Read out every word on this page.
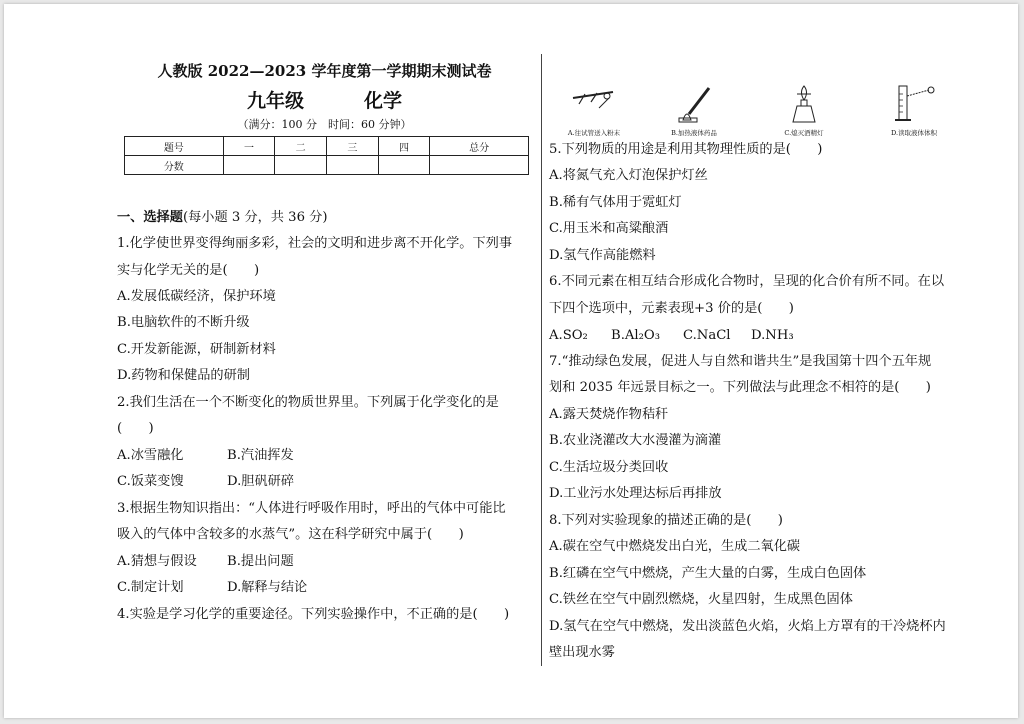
人教版 2022—2023 学年度第一学期期末测试卷
九年级	化学
（满分：100 分　时间：60 分钟）
题号	一	二	三	四	总分
分数					
一、选择题(每小题 3 分，共 36 分)
1.化学使世界变得绚丽多彩，社会的文明和进步离不开化学。下列事
实与化学无关的是(　　)
A.发展低碳经济，保护环境
B.电脑软件的不断升级
C.开发新能源，研制新材料
D.药物和保健品的研制
2.我们生活在一个不断变化的物质世界里。下列属于化学变化的是
(　　)
A.冰雪融化	B.汽油挥发
C.饭菜变馊	D.胆矾研碎
3.根据生物知识指出：“人体进行呼吸作用时，呼出的气体中可能比
吸入的气体中含较多的水蒸气”。这在科学研究中属于(　　)
A.猜想与假设 B.提出问题
C.制定计划	D.解释与结论
4.实验是学习化学的重要途径。下列实验操作中，不正确的是(　　)
A.往试管送入粉末	B.加热液体药品	C.熄灭酒精灯	D.读取液体体积
5.下列物质的用途是利用其物理性质的是(　　)
A.将氮气充入灯泡保护灯丝
B.稀有气体用于霓虹灯
C.用玉米和高粱酿酒
D.氢气作高能燃料
6.不同元素在相互结合形成化合物时，呈现的化合价有所不同。在以
下四个选项中，元素表现+3 价的是(　　)
A.SO₂ B.Al₂O₃ C.NaCl D.NH₃
7.“推动绿色发展，促进人与自然和谐共生”是我国第十四个五年规
划和 2035 年远景目标之一。下列做法与此理念不相符的是(　　)
A.露天焚烧作物秸秆
B.农业浇灌改大水漫灌为滴灌
C.生活垃圾分类回收
D.工业污水处理达标后再排放
8.下列对实验现象的描述正确的是(　　)
A.碳在空气中燃烧发出白光，生成二氧化碳
B.红磷在空气中燃烧，产生大量的白雾，生成白色固体
C.铁丝在空气中剧烈燃烧，火星四射，生成黑色固体
D.氢气在空气中燃烧，发出淡蓝色火焰，火焰上方罩有的干冷烧杯内
壁出现水雾
